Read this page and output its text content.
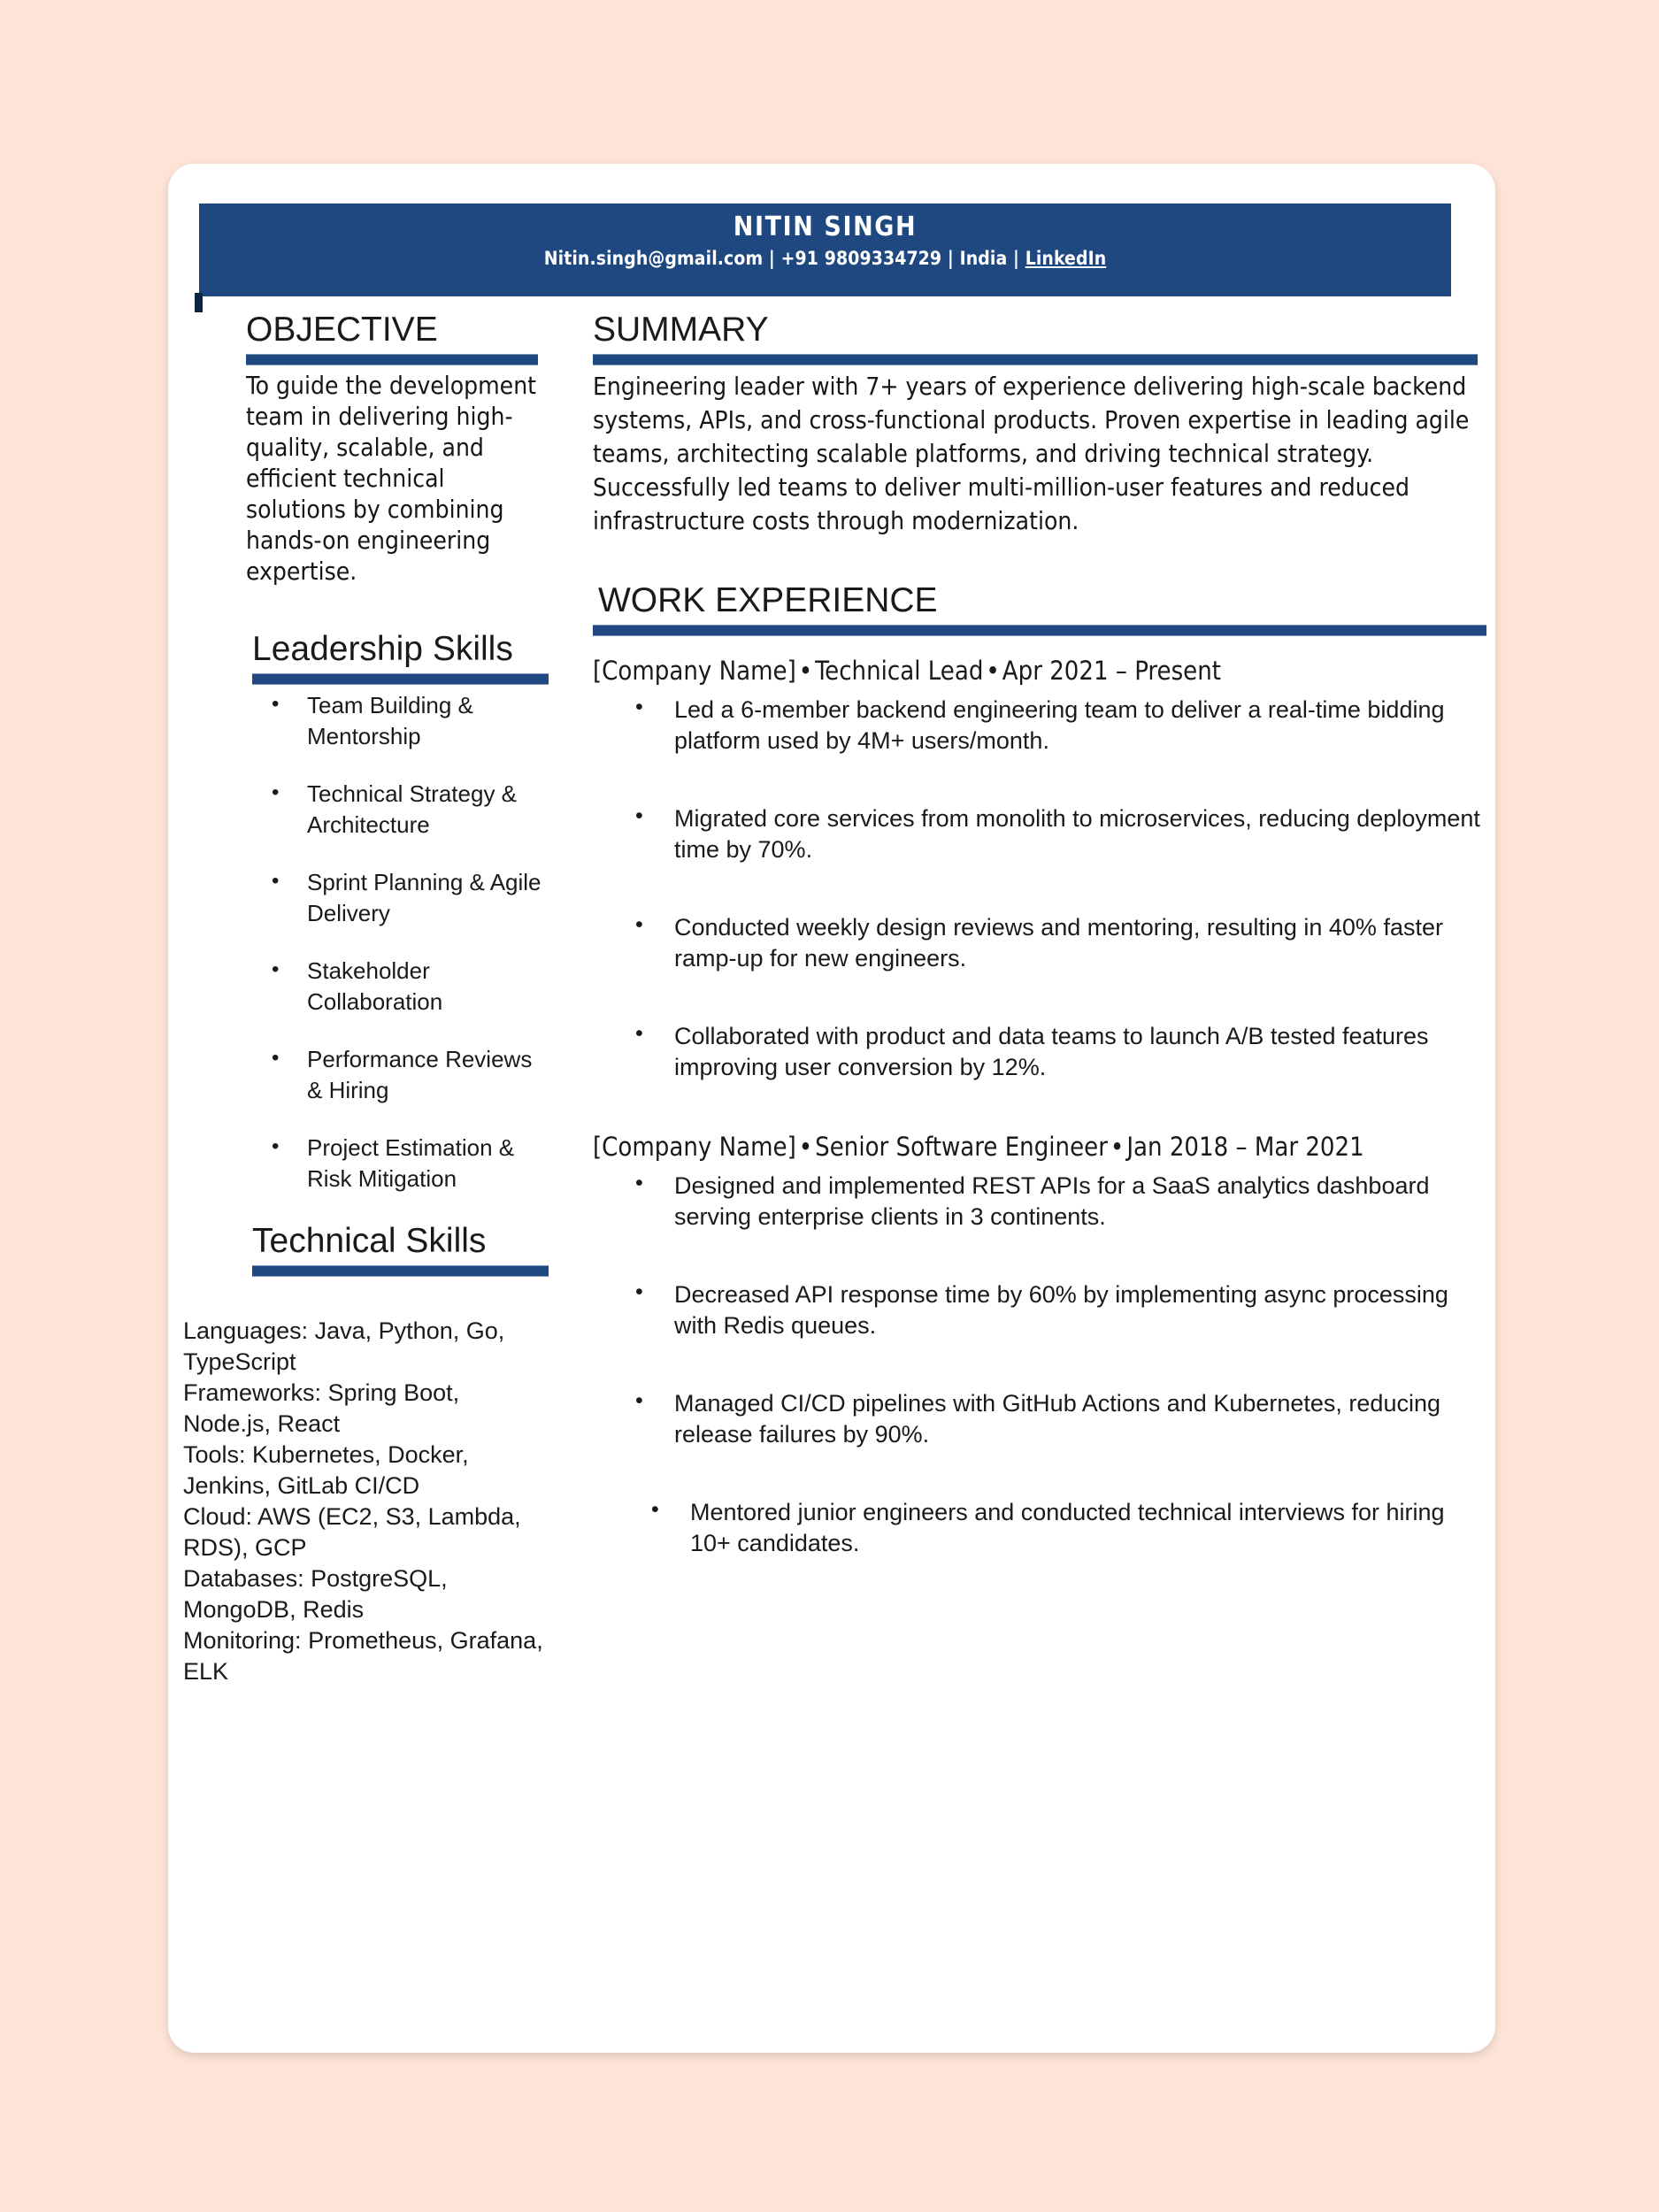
NITIN SINGH
Nitin.singh@gmail.com | +91 9809334729 | India | LinkedIn
OBJECTIVE
To guide the development team in delivering high-quality, scalable, and efficient technical solutions by combining hands-on engineering expertise.
Leadership Skills
• Team Building & Mentorship
• Technical Strategy & Architecture
• Sprint Planning & Agile Delivery
• Stakeholder Collaboration
• Performance Reviews & Hiring
• Project Estimation & Risk Mitigation
Technical Skills
Languages: Java, Python, Go, TypeScript
Frameworks: Spring Boot, Node.js, React
Tools: Kubernetes, Docker, Jenkins, GitLab CI/CD
Cloud: AWS (EC2, S3, Lambda, RDS), GCP
Databases: PostgreSQL, MongoDB, Redis
Monitoring: Prometheus, Grafana, ELK
SUMMARY
Engineering leader with 7+ years of experience delivering high-scale backend systems, APIs, and cross-functional products. Proven expertise in leading agile teams, architecting scalable platforms, and driving technical strategy. Successfully led teams to deliver multi-million-user features and reduced infrastructure costs through modernization.
WORK EXPERIENCE
[Company Name] • Technical Lead • Apr 2021 – Present
• Led a 6-member backend engineering team to deliver a real-time bidding platform used by 4M+ users/month.
• Migrated core services from monolith to microservices, reducing deployment time by 70%.
• Conducted weekly design reviews and mentoring, resulting in 40% faster ramp-up for new engineers.
• Collaborated with product and data teams to launch A/B tested features improving user conversion by 12%.
[Company Name] • Senior Software Engineer • Jan 2018 – Mar 2021
• Designed and implemented REST APIs for a SaaS analytics dashboard serving enterprise clients in 3 continents.
• Decreased API response time by 60% by implementing async processing with Redis queues.
• Managed CI/CD pipelines with GitHub Actions and Kubernetes, reducing release failures by 90%.
• Mentored junior engineers and conducted technical interviews for hiring 10+ candidates.
